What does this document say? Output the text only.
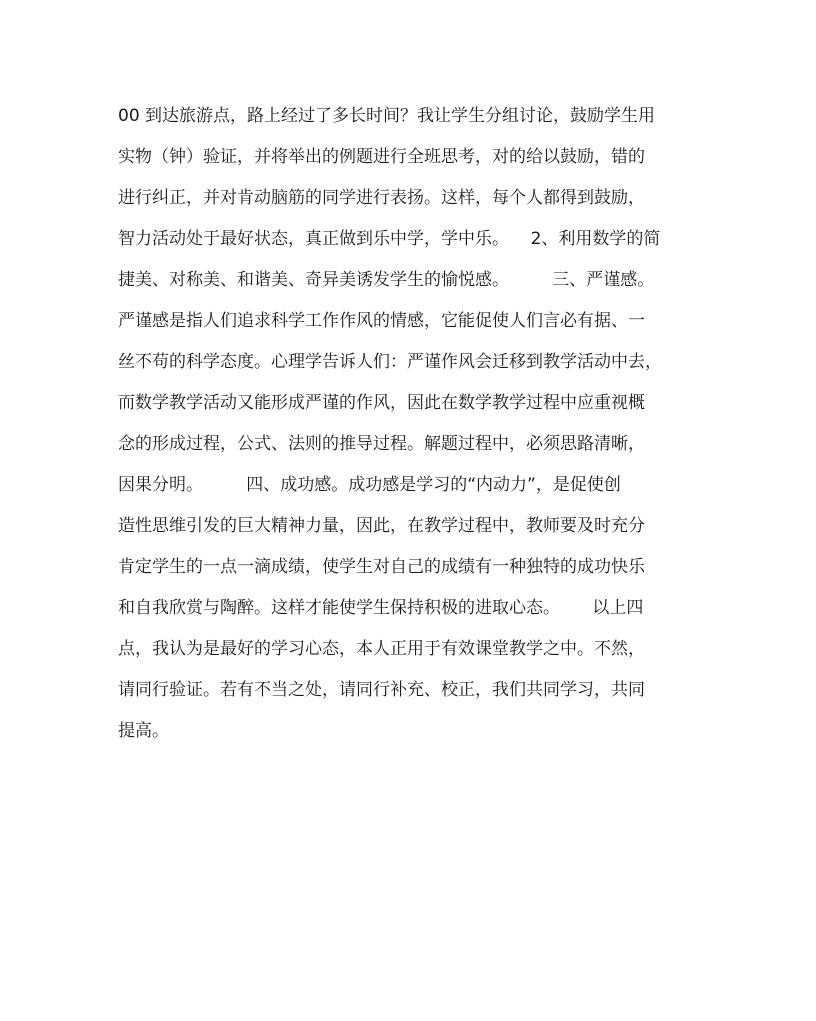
00 到达旅游点，路上经过了多长时间？我让学生分组讨论，鼓励学生用
实物（钟）验证，并将举出的例题进行全班思考，对的给以鼓励，错的
进行纠正，并对肯动脑筋的同学进行表扬。这样，每个人都得到鼓励，
智力活动处于最好状态，真正做到乐中学，学中乐。    2、利用数学的简
捷美、对称美、和谐美、奇异美诱发学生的愉悦感。        三、严谨感。
严谨感是指人们追求科学工作作风的情感，它能促使人们言必有据、一
丝不苟的科学态度。心理学告诉人们：严谨作风会迁移到教学活动中去，
而数学教学活动又能形成严谨的作风，因此在数学教学过程中应重视概
念的形成过程，公式、法则的推导过程。解题过程中，必须思路清晰，
因果分明。        四、成功感。成功感是学习的“内动力”，是促使创
造性思维引发的巨大精神力量，因此，在教学过程中，教师要及时充分
肯定学生的一点一滴成绩，使学生对自己的成绩有一种独特的成功快乐
和自我欣赏与陶醉。这样才能使学生保持积极的进取心态。      以上四
点，我认为是最好的学习心态，本人正用于有效课堂教学之中。不然，
请同行验证。若有不当之处，请同行补充、校正，我们共同学习，共同
提高。
